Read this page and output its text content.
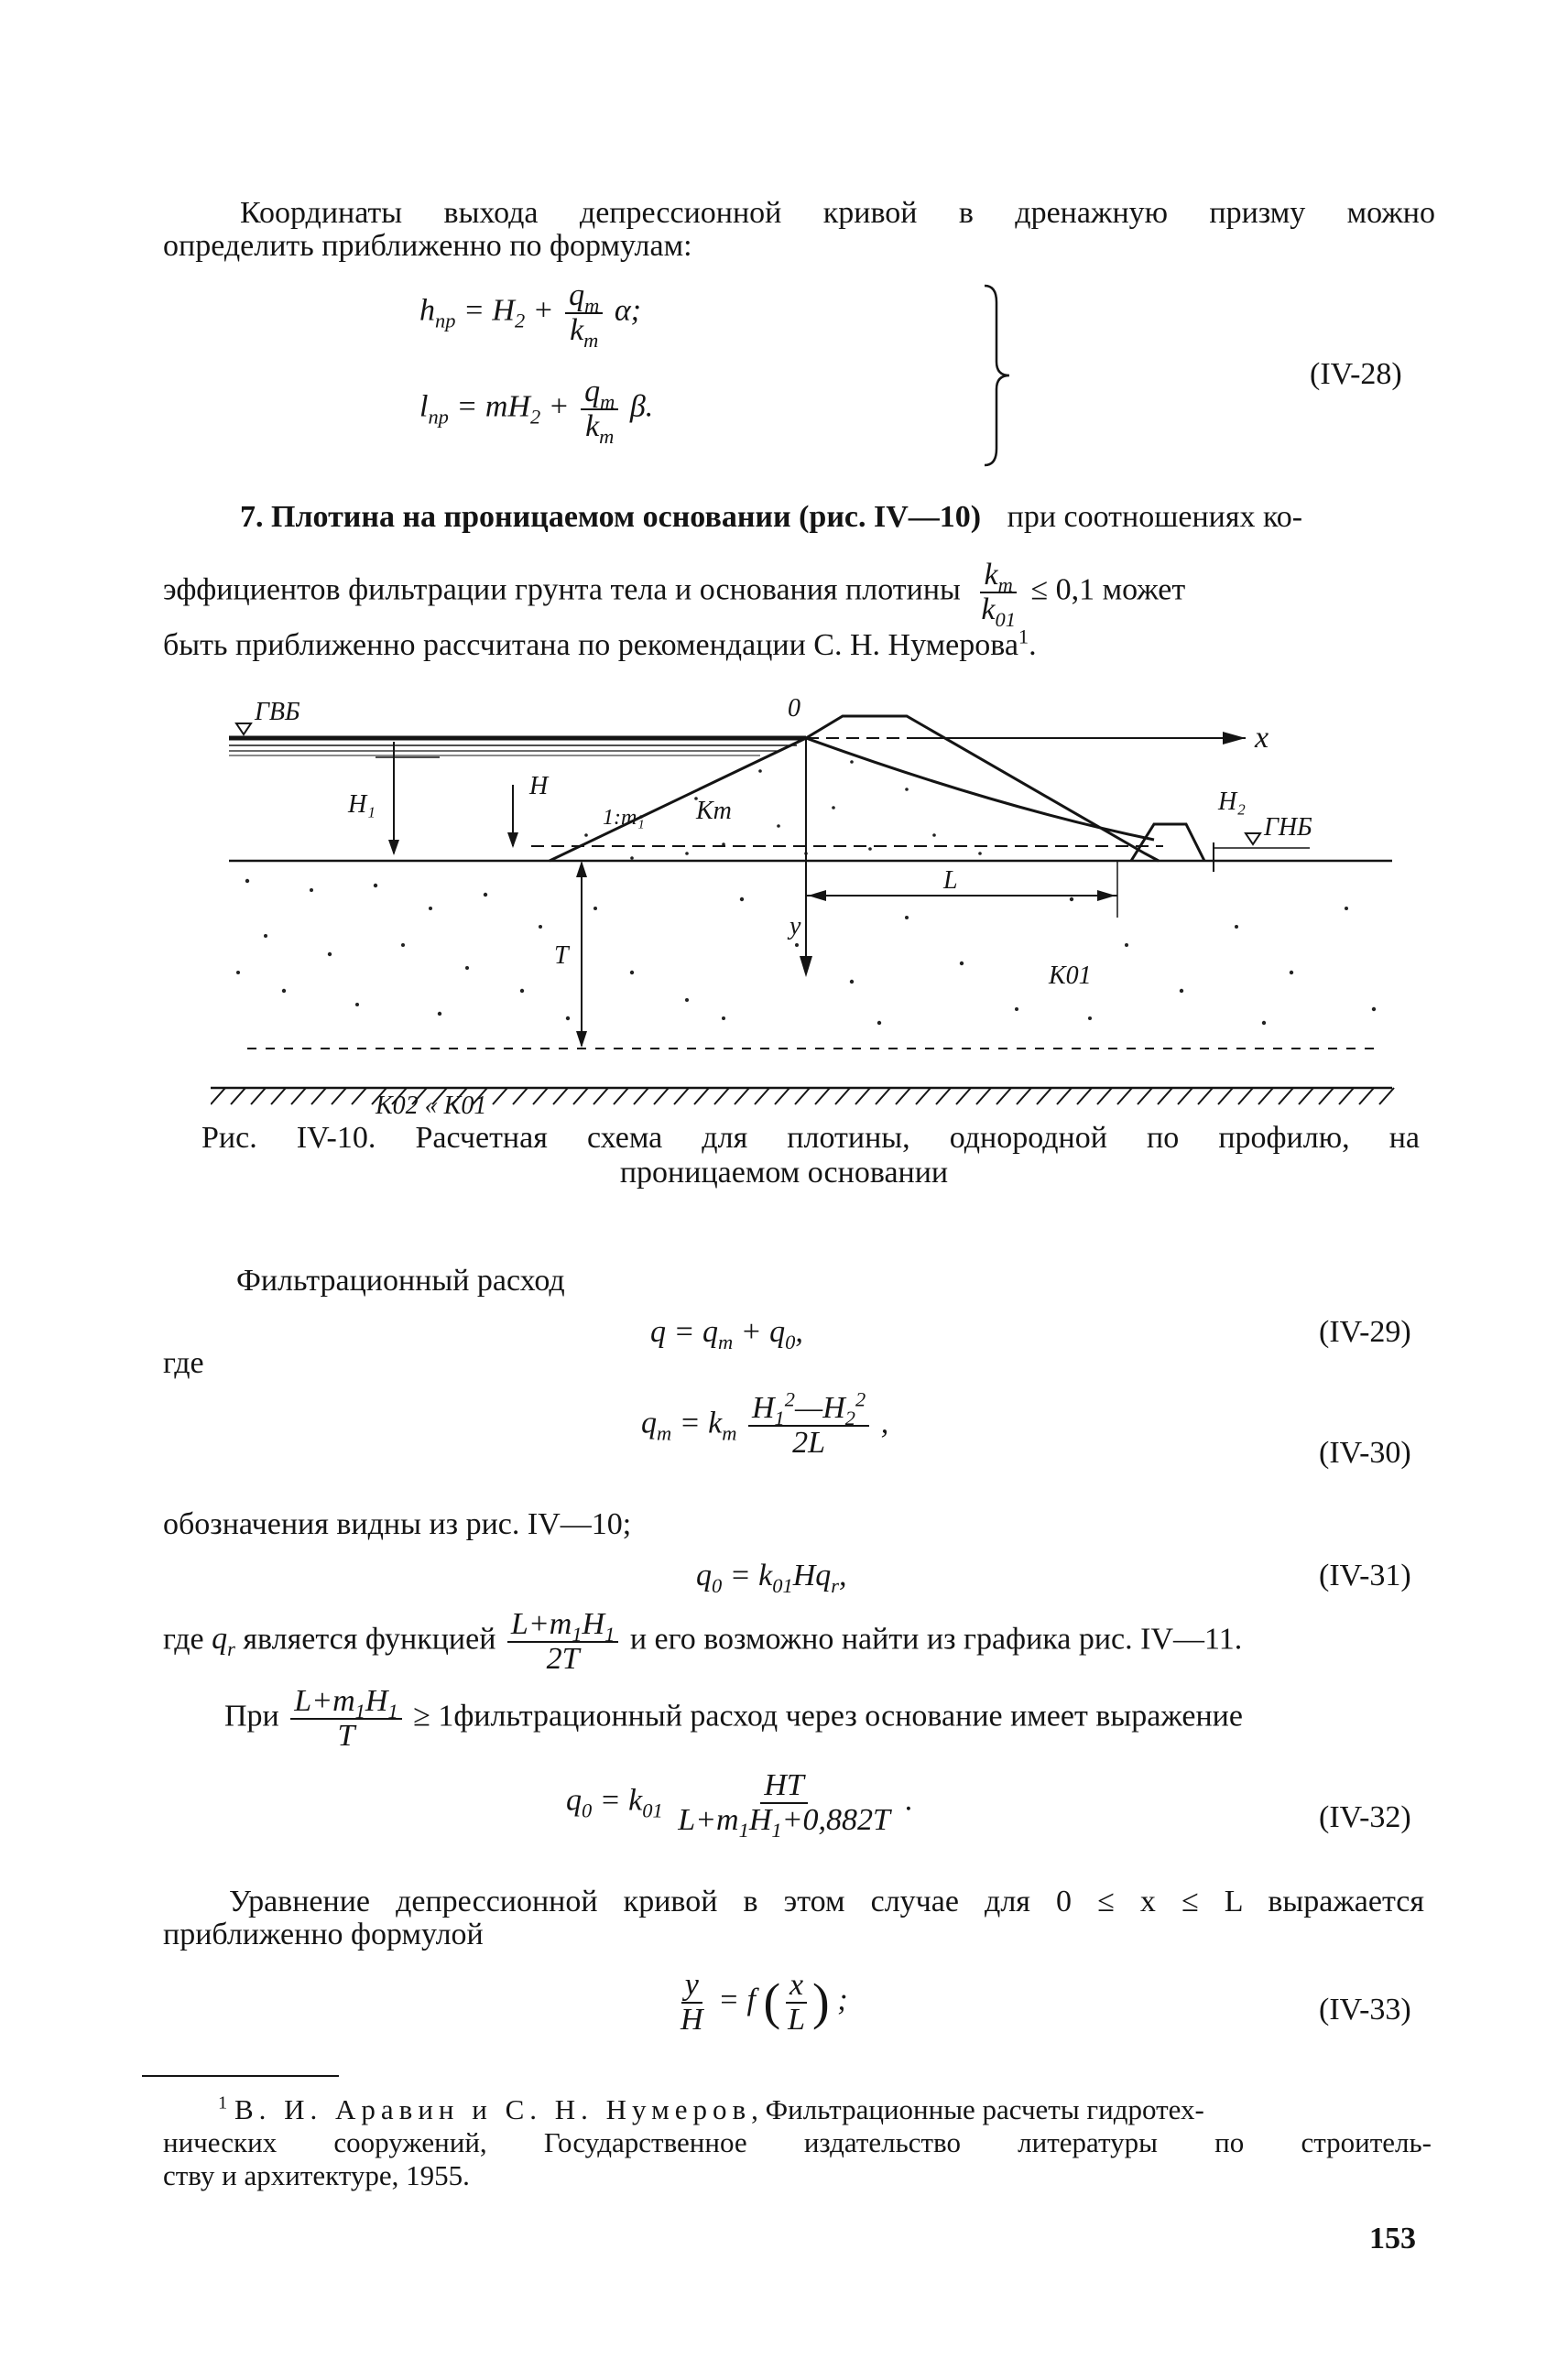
Координаты выхода депрессионной кривой в дренажную призму можно
определить приближенно по формулам:
$h_{пр} = H_2 + \frac{q_т}{k_т} \alpha$;
$l_{пр} = mH_2 + \frac{q_т}{k_т} \beta$.
(IV-28)
7. Плотина на проницаемом основании (рис. IV—10) при соотношениях ко-
эффициентов фильтрации грунта тела и основания плотины $\frac{k_т}{k_{01}} \le 0,1$ может
быть приближенно рассчитана по рекомендации С. Н. Нумерова$^1$.
ГВБ	0
x
H₁
H
1:m₁ Kт	H₂
ГНБ
T
L
y
K01
K02 « K01
Рис. IV-10. Расчетная схема для плотины, однородной по профилю, на
проницаемом основании
Фильтрационный расход
$q = q_т + q_0$,	(IV-29)
где
$q_т = k_т \frac{H_1^2—H_2^2}{2L}$ ,
(IV-30)
обозначения видны из рис. IV—10;
$q_0 = k_{01}Hq_r$,	(IV-31)
где $q_r$ является функцией $\frac{L+m_1H_1}{2T}$ и его возможно найти из графика рис. IV—11.
При $\frac{L+m_1H_1}{T}$ ≥ 1фильтрационный расход через основание имеет выражение
$q_0 = k_{01} \frac{HT}{L+m_1H_1+0,882T}$ .
(IV-32)
Уравнение депрессионной кривой в этом случае для 0 ≤ x ≤ L выражается
приближенно формулой
$\frac{y}{H} = f$ ( $\frac{x}{L}$ ) ;	(IV-33)
$^1$ В. И. Аравин и С. Н. Нумеров, Фильтрационные расчеты гидротех-
нических сооружений, Государственное издательство литературы по строитель-
ству и архитектуре, 1955.
153
